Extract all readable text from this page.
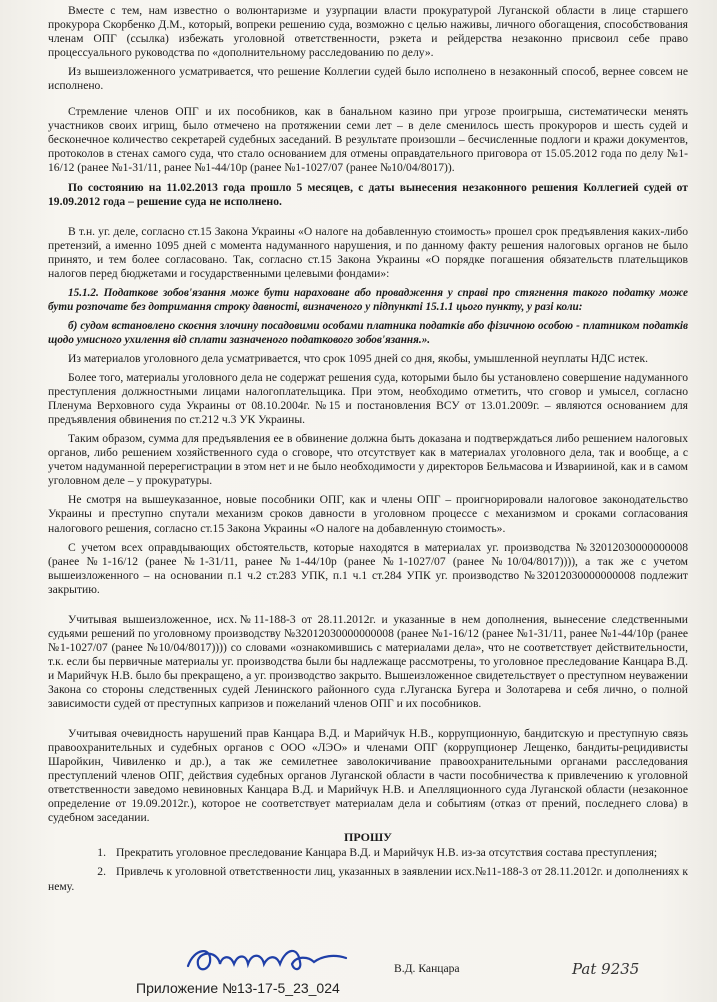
Вместе с тем, нам известно о волюнтаризме и узурпации власти прокуратурой Луганской области в лице старшего прокурора Скорбенко Д.М., который, вопреки решению суда, возможно с целью наживы, личного обогащения, способствования членам ОПГ (ссылка) избежать уголовной ответственности, рэкета и рейдерства незаконно присвоил себе право процессуального руководства по «дополнительному расследованию по делу».

Из вышеизложенного усматривается, что решение Коллегии судей было исполнено в незаконный способ, вернее совсем не исполнено.

Стремление членов ОПГ и их пособников, как в банальном казино при угрозе проигрыша, систематически менять участников своих игрищ, было отмечено на протяжении семи лет – в деле сменилось шесть прокуроров и шесть судей и бесконечное количество секретарей судебных заседаний. В результате произошли – бесчисленные подлоги и кражи документов, протоколов в стенах самого суда, что стало основанием для отмены оправдательного приговора от 15.05.2012 года по делу №1-16/12 (ранее №1-31/11, ранее №1-44/10р (ранее №1-1027/07 (ранее №10/04/8017)).

По состоянию на 11.02.2013 года прошло 5 месяцев, с даты вынесения незаконного решения Коллегией судей от 19.09.2012 года – решение суда не исполнено.

В т.н. уг. деле, согласно ст.15 Закона Украины «О налоге на добавленную стоимость» прошел срок предъявления каких-либо претензий, а именно 1095 дней с момента надуманного нарушения, и по данному факту решения налоговых органов не было принято, и тем более согласовано. Так, согласно ст.15 Закона Украины «О порядке погашения обязательств плательщиков налогов перед бюджетами и государственными целевыми фондами»:

15.1.2. Податкове зобов'язання може бути нараховане або провадження у справі про стягнення такого податку може бути розпочате без дотримання строку давності, визначеного у підпункті 15.1.1 цього пункту, у разі коли:

б) судом встановлено скоєння злочину посадовими особами платника податків або фізичною особою - платником податків щодо умисного ухилення від сплати зазначеного податкового зобов'язання.».

Из материалов уголовного дела усматривается, что срок 1095 дней со дня, якобы, умышленной неуплаты НДС истек.

Более того, материалы уголовного дела не содержат решения суда, которыми было бы установлено совершение надуманного преступления должностными лицами налогоплательщика. При этом, необходимо отметить, что сговор и умысел, согласно Пленума Верховного суда Украины от 08.10.2004г. №15 и постановления ВСУ от 13.01.2009г. – являются основанием для предъявления обвинения по ст.212 ч.3 УК Украины.

Таким образом, сумма для предъявления ее в обвинение должна быть доказана и подтверждаться либо решением налоговых органов, либо решением хозяйственного суда о сговоре, что отсутствует как в материалах уголовного дела, так и вообще, а с учетом надуманной перерегистрации в этом нет и не было необходимости у директоров Бельмасова и Изварииной, как и в самом уголовном деле – у прокуратуры.

Не смотря на вышеуказанное, новые пособники ОПГ, как и члены ОПГ – проигнорировали налоговое законодательство Украины и преступно спутали механизм сроков давности в уголовном процессе с механизмом и сроками согласования налогового решения, согласно ст.15 Закона Украины «О налоге на добавленную стоимость».

С учетом всех оправдывающих обстоятельств, которые находятся в материалах уг. производства №32012030000000008 (ранее №1-16/12 (ранее №1-31/11, ранее №1-44/10р (ранее №1-1027/07 (ранее №10/04/8017)))), а так же с учетом вышеизложенного – на основании п.1 ч.2 ст.283 УПК, п.1 ч.1 ст.284 УПК уг. производство №32012030000000008 подлежит закрытию.

Учитывая вышеизложенное, исх.№11-188-3 от 28.11.2012г. и указанные в нем дополнения, вынесение следственными судьями решений по уголовному производству №32012030000000008 (ранее №1-16/12 (ранее №1-31/11, ранее №1-44/10р (ранее №1-1027/07 (ранее №10/04/8017)))) со словами «ознакомившись с материалами дела», что не соответствует действительности, т.к. если бы первичные материалы уг. производства были бы надлежаще рассмотрены, то уголовное преследование Канцара В.Д. и Марийчук Н.В. было бы прекращено, а уг. производство закрыто. Вышеизложенное свидетельствует о преступном неуважении Закона со стороны следственных судей Ленинского районного суда г.Луганска Бугера и Золотарева и себя лично, о полной зависимости судей от преступных капризов и пожеланий членов ОПГ и их пособников.

Учитывая очевидность нарушений прав Канцара В.Д. и Марийчук Н.В., коррупционную, бандитскую и преступную связь правоохранительных и судебных органов с ООО «ЛЭО» и членами ОПГ (коррупционер Лещенко, бандиты-рецидивисты Шаройкин, Чивиленко и др.), а так же семилетнее заволокичивание правоохранительными органами расследования преступлений членов ОПГ, действия судебных органов Луганской области в части пособничества к привлечению к уголовной ответственности заведомо невиновных Канцара В.Д. и Марийчук Н.В. и Апелляционного суда Луганской области (незаконное определение от 19.09.2012г.), которое не соответствует материалам дела и событиям (отказ от прений, последнего слова) в судебном заседании.

ПРОШУ

1. Прекратить уголовное преследование Канцара В.Д. и Марийчук Н.В. из-за отсутствия состава преступления;

2. Привлечь к уголовной ответственности лиц, указанных в заявлении исх.№11-188-3 от 28.11.2012г. и дополнениях к нему.

В.Д. Канцара	Pat 9235
Приложение №13-17-5_23_024
